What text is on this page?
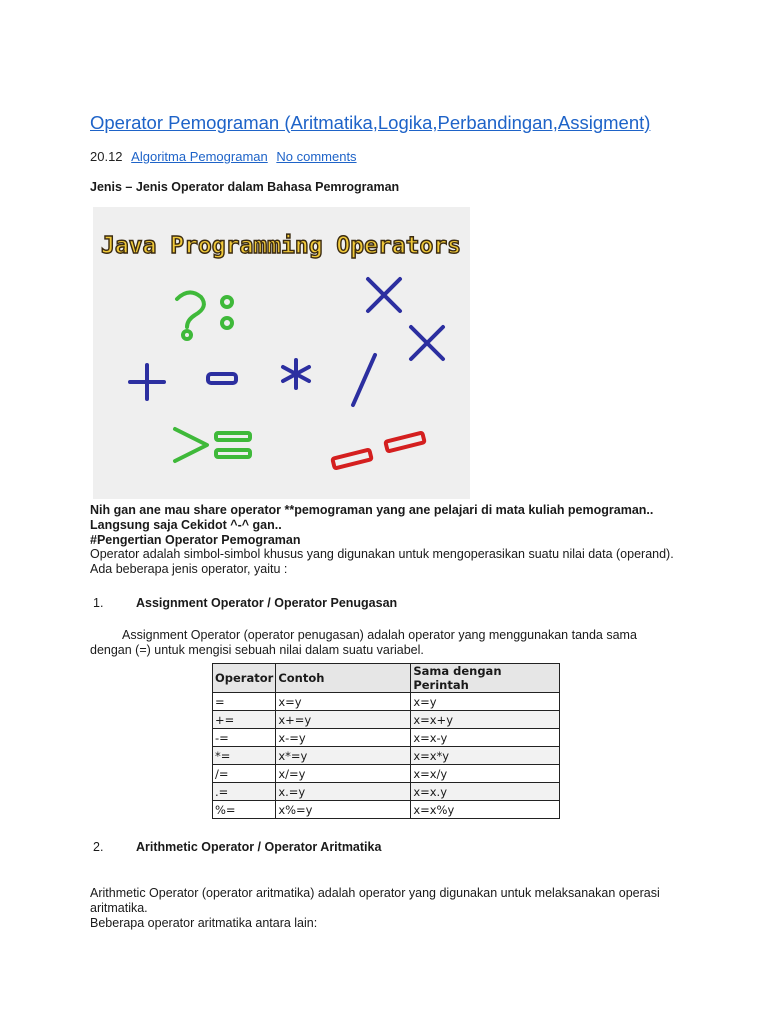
Operator Pemograman (Aritmatika,Logika,Perbandingan,Assigment)
20.12 Algoritma Pemograman No comments
Jenis – Jenis Operator dalam Bahasa Pemrograman
Java Programming Operators
Nih gan ane mau share operator **pemograman yang ane pelajari di mata kuliah pemograman..
Langsung saja Cekidot ^-^ gan..
#Pengertian Operator Pemograman
Operator adalah simbol-simbol khusus yang digunakan untuk mengoperasikan suatu nilai data (operand).
Ada beberapa jenis operator, yaitu :
1.	Assignment Operator / Operator Penugasan
Assignment Operator (operator penugasan) adalah operator yang menggunakan tanda sama
dengan (=) untuk mengisi sebuah nilai dalam suatu variabel.
Operator	Contoh	Sama dengan Perintah
=	x=y	x=y
+=	x+=y	x=x+y
-=	x-=y	x=x-y
*=	x*=y	x=x*y
/=	x/=y	x=x/y
.=	x.=y	x=x.y
%=	x%=y	x=x%y
2.	Arithmetic Operator / Operator Aritmatika
Arithmetic Operator (operator aritmatika) adalah operator yang digunakan untuk melaksanakan operasi
aritmatika.
Beberapa operator aritmatika antara lain:
